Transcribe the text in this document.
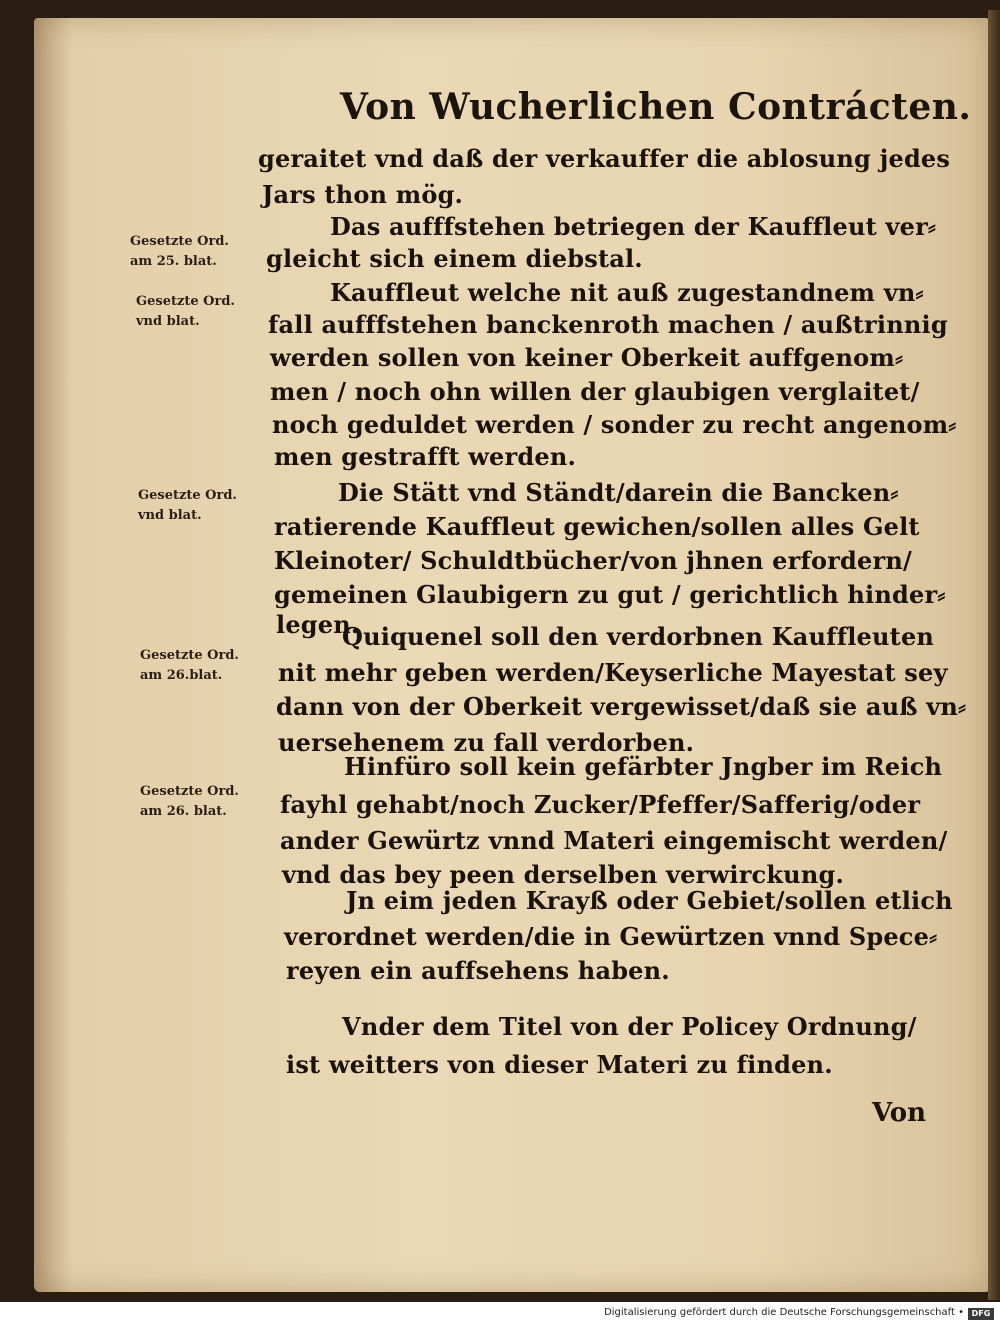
Von Wucherlichen Contrácten.
geraitet vnd daß der verkauffer die ablosung jedes
Jars thon mög.
Das aufffstehen betriegen der Kauffleut ver⸗
gleicht sich einem diebstal.
Kauffleut welche nit auß zugestandnem vn⸗
fall aufffstehen banckenroth machen / außtrinnig
werden sollen von keiner Oberkeit auffgenom⸗
men / noch ohn willen der glaubigen verglaitet/
noch geduldet werden / sonder zu recht angenom⸗
men gestrafft werden.
Die Stätt vnd Ständt/darein die Bancken⸗
ratierende Kauffleut gewichen/sollen alles Gelt
Kleinoter/ Schuldtbücher/von jhnen erfordern/
gemeinen Glaubigern zu gut / gerichtlich hinder⸗
legen.
Quiquenel soll den verdorbnen Kauffleuten
nit mehr geben werden/Keyserliche Mayestat sey
dann von der Oberkeit vergewisset/daß sie auß vn⸗
uersehenem zu fall verdorben.
Hinfüro soll kein gefärbter Jngber im Reich
fayhl gehabt/noch Zucker/Pfeffer/Safferig/oder
ander Gewürtz vnnd Materi eingemischt werden/
vnd das bey peen derselben verwirckung.
Jn eim jeden Krayß oder Gebiet/sollen etlich
verordnet werden/die in Gewürtzen vnnd Specе⸗
reyen ein auffsehens haben.
Vnder dem Titel von der Policey Ordnung/
ist weitters von dieser Materi zu finden.
Gesetzte Ord.
am 25. blat.
Gesetzte Ord.
vnd blat.
Gesetzte Ord.
vnd blat.
Gesetzte Ord.
am 26.blat.
Gesetzte Ord.
am 26. blat.
Von
Digitalisierung gefördert durch die Deutsche Forschungsgemeinschaft • DFG
